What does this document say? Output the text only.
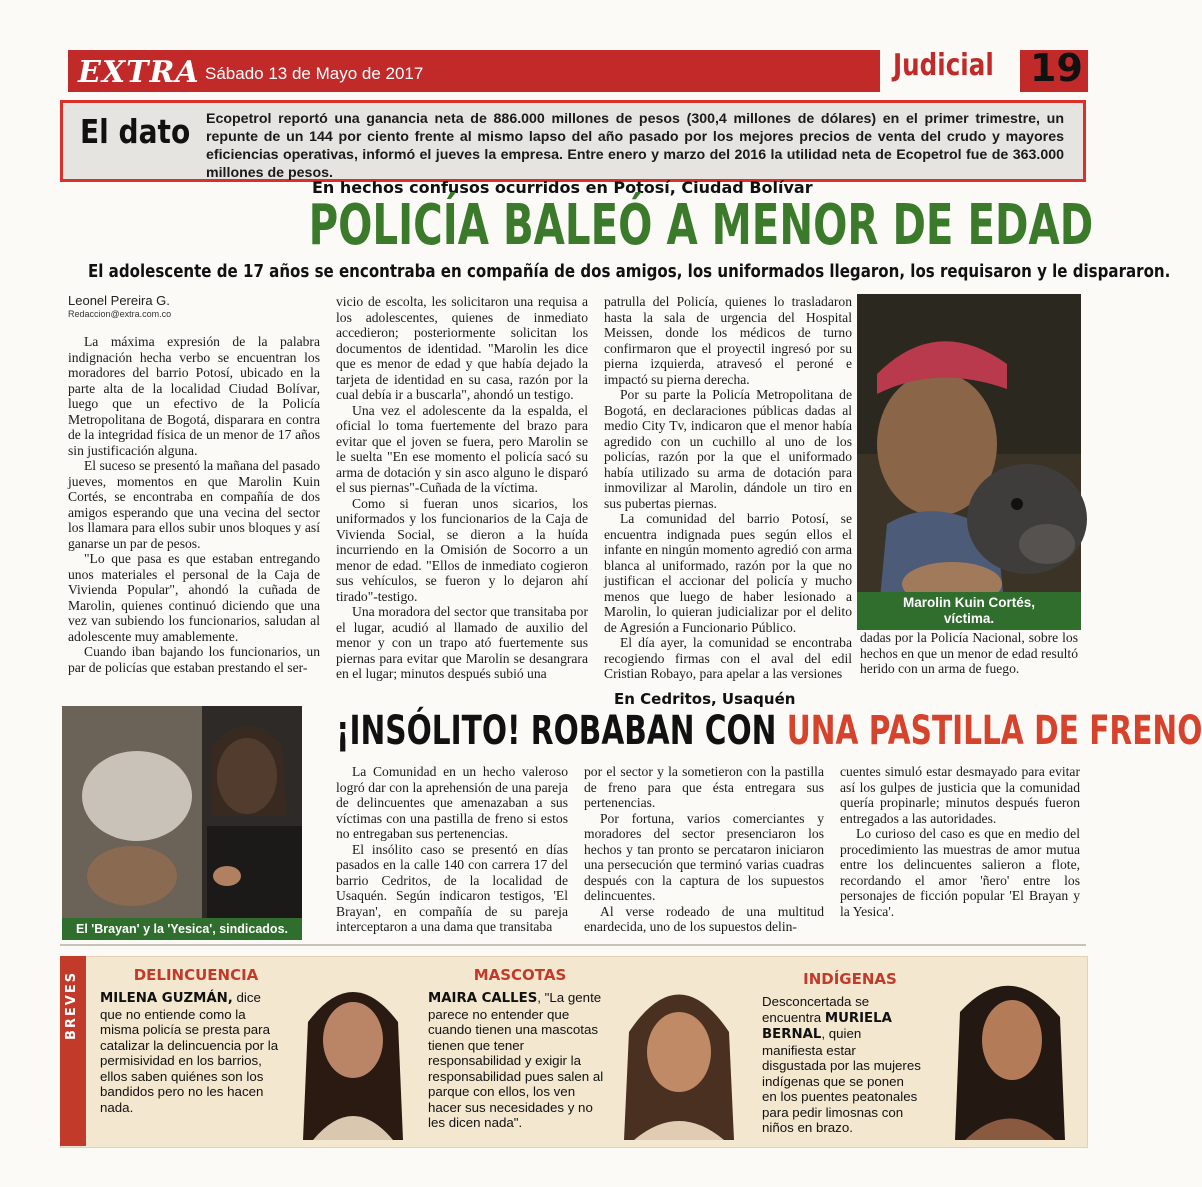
EXTRA Sábado 13 de Mayo de 2017	Judicial 19
El dato Ecopetrol reportó una ganancia neta de 886.000 millones de pesos (300,4 millones de dólares) en el primer trimestre, un repunte de un 144 por ciento frente al mismo lapso del año pasado por los mejores precios de venta del crudo y mayores eficiencias operativas, informó el jueves la empresa. Entre enero y marzo del 2016 la utilidad neta de Ecopetrol fue de 363.000 millones de pesos.
En hechos confusos ocurridos en Potosí, Ciudad Bolívar
POLICÍA BALEÓ A MENOR DE EDAD
El adolescente de 17 años se encontraba en compañía de dos amigos, los uniformados llegaron, los requisaron y le dispararon.
Leonel Pereira G.
Redaccion@extra.com.co

La máxima expresión de la palabra indignación hecha verbo se encuentran los moradores del barrio Potosí, ubicado en la parte alta de la localidad Ciudad Bolívar, luego que un efectivo de la Policía Metropolitana de Bogotá, disparara en contra de la integridad física de un menor de 17 años sin justificación alguna.

El suceso se presentó la mañana del pasado jueves, momentos en que Marolin Kuin Cortés, se encontraba en compañía de dos amigos esperando que una vecina del sector los llamara para ellos subir unos bloques y así ganarse un par de pesos.

"Lo que pasa es que estaban entregando unos materiales el personal de la Caja de Vivienda Popular", ahondó la cuñada de Marolin, quienes continuó diciendo que una vez van subiendo los funcionarios, saludan al adolescente muy amablemente.

Cuando iban bajando los funcionarios, un par de policías que estaban prestando el ser-

vicio de escolta, les solicitaron una requisa a los adolescentes, quienes de inmediato accedieron; posteriormente solicitan los documentos de identidad. "Marolin les dice que es menor de edad y que había dejado la tarjeta de identidad en su casa, razón por la cual debía ir a buscarla", ahondó un testigo.

Una vez el adolescente da la espalda, el oficial lo toma fuertemente del brazo para evitar que el joven se fuera, pero Marolin se le suelta "En ese momento el policía sacó su arma de dotación y sin asco alguno le disparó el sus piernas"-Cuñada de la víctima.

Como si fueran unos sicarios, los uniformados y los funcionarios de la Caja de Vivienda Social, se dieron a la huída incurriendo en la Omisión de Socorro a un menor de edad. "Ellos de inmediato cogieron sus vehículos, se fueron y lo dejaron ahí tirado"-testigo.

Una moradora del sector que transitaba por el lugar, acudió al llamado de auxilio del menor y con un trapo ató fuertemente sus piernas para evitar que Marolin se desangrara en el lugar; minutos después subió una

patrulla del Policía, quienes lo trasladaron hasta la sala de urgencia del Hospital Meissen, donde los médicos de turno confirmaron que el proyectil ingresó por su pierna izquierda, atravesó el peroné e impactó su pierna derecha.

Por su parte la Policía Metropolitana de Bogotá, en declaraciones públicas dadas al medio City Tv, indicaron que el menor había agredido con un cuchillo al uno de los policías, razón por la que el uniformado había utilizado su arma de dotación para inmovilizar al Marolin, dándole un tiro en sus pubertas piernas.

La comunidad del barrio Potosí, se encuentra indignada pues según ellos el infante en ningún momento agredió con arma blanca al uniformado, razón por la que no justifican el accionar del policía y mucho menos que luego de haber lesionado a Marolin, lo quieran judicializar por el delito de Agresión a Funcionario Público.

El día ayer, la comunidad se encontraba recogiendo firmas con el aval del edil Cristian Robayo, para apelar a las versiones

dadas por la Policía Nacional, sobre los hechos en que un menor de edad resultó herido con un arma de fuego.

Marolin Kuin Cortés,
víctima.
El 'Brayan' y la 'Yesica', sindicados.
En Cedritos, Usaquén
¡INSÓLITO! ROBABAN CON UNA PASTILLA DE FRENO

La Comunidad en un hecho valeroso logró dar con la aprehensión de una pareja de delincuentes que amenazaban a sus víctimas con una pastilla de freno si estos no entregaban sus pertenencias.

El insólito caso se presentó en días pasados en la calle 140 con carrera 17 del barrio Cedritos, de la localidad de Usaquén. Según indicaron testigos, 'El Brayan', en compañía de su pareja interceptaron a una dama que transitaba

por el sector y la sometieron con la pastilla de freno para que ésta entregara sus pertenencias.

Por fortuna, varios comerciantes y moradores del sector presenciaron los hechos y tan pronto se percataron iniciaron una persecución que terminó varias cuadras después con la captura de los supuestos delincuentes.

Al verse rodeado de una multitud enardecida, uno de los supuestos delin-

cuentes simuló estar desmayado para evitar así los gulpes de justicia que la comunidad quería propinarle; minutos después fueron entregados a las autoridades.

Lo curioso del caso es que en medio del procedimiento las muestras de amor mutua entre los delincuentes salieron a flote, recordando el amor 'ñero' entre los personajes de ficción popular 'El Brayan y la Yesica'.

BREVES	DELINCUENCIA
MILENA GUZMÁN, dice que no entiende como la misma policía se presta para catalizar la delincuencia por la permisividad en los barrios, ellos saben quiénes son los bandidos pero no les hacen nada.
MASCOTAS
MAIRA CALLES, "La gente parece no entender que cuando tienen una mascotas tienen que tener responsabilidad y exigir la responsabilidad pues salen al parque con ellos, los ven hacer sus necesidades y no les dicen nada".
INDÍGENAS
Desconcertada se encuentra MURIELA BERNAL, quien manifiesta estar disgustada por las mujeres indígenas que se ponen en los puentes peatonales para pedir limosnas con niños en brazo.
